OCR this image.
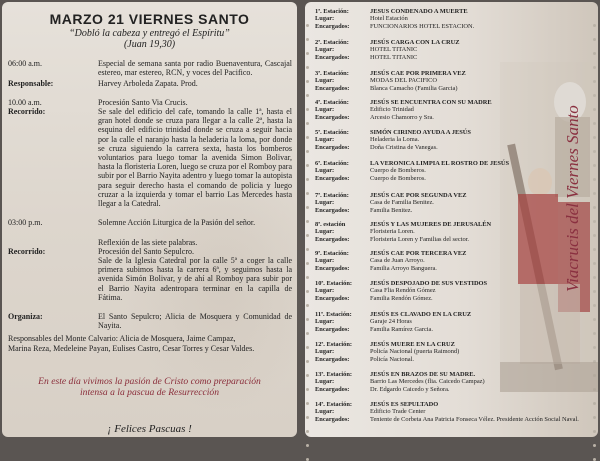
MARZO 21 VIERNES SANTO
“Dobló la cabeza y entregó el Espíritu”
(Juan 19,30)
06:00 a.m.	Especial de semana santa por radio Buenaventura, Cascajal estereo, mar estereo, RCN, y voces del Pacifico.
Responsable:	Harvey Arboleda Zapata. Prod.
10.00 a.m.	Procesión Santo Via Crucis.
Recorrido:	Se sale del edificio del cafe, tomando la calle 1ª, hasta el gran hotel donde se cruza para llegar a la calle 2ª, hasta la esquina del edificio trinidad donde se cruza a seguir hacia por la calle el naranjo hasta la heladeria la loma, por donde se cruza siguiendo la carrera sexta, hasta los bomberos voluntarios para luego tomar la avenida Simon Bolivar, hasta la floristeria Loren, luego se cruza por el Romboy para subir por el Barrio Nayita adentro y luego tomar la autopista para seguir derecho hasta el comando de policia y luego cruzar a la izquierda y tomar el barrio Las Mercedes hasta llegar a la Catedral.
03:00 p.m.	Solemne Acción Liturgica de la Pasión del señor.
Reflexión de las siete palabras.
Procesión del Santo Sepulcro.
Recorrido:
Sale de la Iglesia Catedral por la calle 5ª a coger la calle primera subimos hasta la carrera 6ª, y seguimos hasta la avenida Simón Bolivar, y de ahí al Romboy para subir por el Barrio Nayita adentropara terminar en la capilla de Fátima.
Organiza:	El Santo Sepulcro; Alicia de Mosquera y Comunidad de Nayita.
Responsables del Monte Calvario: Alicia de Mosquera, Jaime Campaz,
Marina Reza, Medeleine Payan, Eulises Castro, Cesar Torres y Cesar Valdes.
En este día vivimos la pasión de Cristo como preparación
intensa a la pascua de Resurrección
¡ Felices Pascuas !
Viacrucis del Viernes Santo
1ª. Estación:	JESUS CONDENADO A MUERTE
Lugar:	Hotel Estación
Encargados:	FUNCIONARIOS HOTEL ESTACION.
2ª. Estación:	JESÚS CARGA CON LA CRUZ
Lugar:	HOTEL TITANIC
Encargados:	HOTEL TITANIC
3ª. Estación:	JESÚS CAE POR PRIMERA VEZ
Lugar:	MODAS DEL PACIFICO
Encargados:	Blanca Camacho (Familia Garcia)
4ª. Estación:	JESÚS SE ENCUENTRA CON SU MADRE
Lugar:	Edificio Trinidad
Encargados:	Arcesio Chamorro y Sra.
5ª. Estación:	SIMÓN CIRINEO AYUDA A JESÚS
Lugar:	Heladeria la Loma.
Encargados:	Doña Cristina de Vanegas.
6ª. Estación:	LA VERONICA LIMPIA EL ROSTRO DE JESÚS
Lugar:	Cuerpo de Bomberos.
Encargados:	Cuerpo de Bomberos.
7ª. Estación:	JESÚS CAE POR SEGUNDA VEZ
Lugar:	Casa de Familia Benitez.
Encargados:	Familia Benitez.
8ª. estación	JESÚS Y LAS MUJERES DE JERUSALÉN
Lugar:	Floristeria Loren.
Encargados:	Floristeria Loren y Familias del sector.
9ª. Estación:	JESÚS CAE POR TERCERA VEZ
Lugar:	Casa de Juan Arroyo.
Encargados:	Familia Arroyo Banguera.
10ª. Estación:	JESÚS DESPOJADO DE SUS VESTIDOS
Lugar:	Casa Flia Rendón Gómez
Encargados:	Familia Rendón Gómez.
11ª. Estación:	JESÚS ES CLAVADO EN LA CRUZ
Lugar:	Garaje 24 Horas
Encargados:	Familia Ramírez Garcia.
12ª. Estación:	JESÚS MUERE EN LA CRUZ
Lugar:	Policía Nacional (puerta Raimond)
Encargados:	Policía Nacional.
13ª. Estación:	JESÚS EN BRAZOS DE SU MADRE.
Lugar:	Barrio Las Mercedes (flia. Caicedo Campaz)
Encargados:	Dr. Edgardo Caicedo y Señora.
14ª. Estación:	JESÚS ES SEPULTADO
Lugar:	Edificio Trade Center
Encargados:	Teniente de Corbeta Ana Patricia Fonseca Vélez. Presidente Acción Social Naval.
